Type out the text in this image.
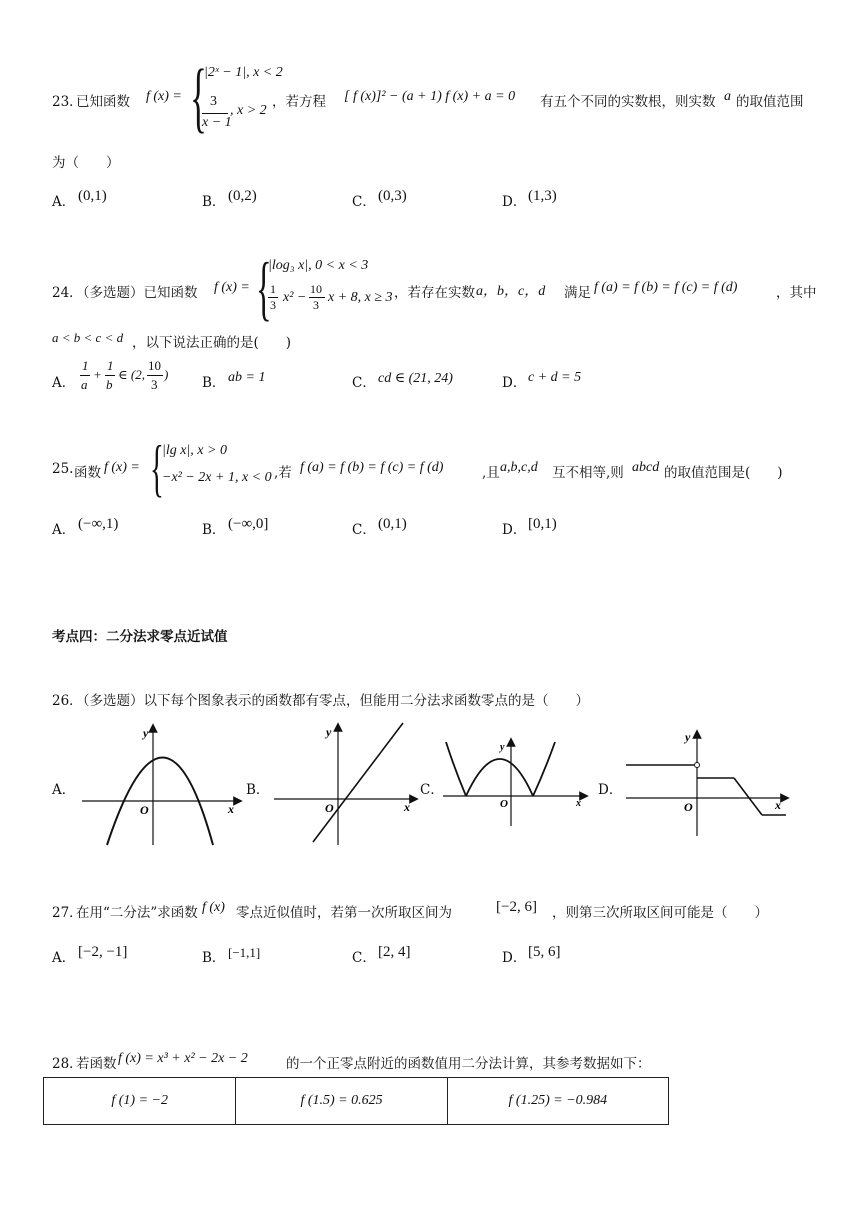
23．
已知函数 f (x) = {
|2ˣ − 1|, x < 2
3
x − 1
, x > 2
，若方程 [ f (x)]² − (a + 1) f (x) + a = 0 有五个不同的实数根，则实数 a 的取值范围
为（　　）
A． (0,1)	B． (0,2)	C． (0,3)	D． (1,3)
24．
（多选题）已知函数 f (x) = {
|log₃ x|, 0 < x < 3
1
3 x² −
10
3 x + 8, x ≥ 3 ，若存在实数 a，b，c，d 满足 f (a) = f (b) = f (c) = f (d)	，其中
a < b < c < d ，以下说法正确的是(　　)
A．
1
a
+
1
b
∈ (2,
10
3
)
B． ab = 1	C． cd ∈ (21, 24)	D． c + d = 5
25. 函数 f (x) = {
|lg x|, x > 0
−x² − 2x + 1, x < 0 ,若 f (a) = f (b) = f (c) = f (d)	,且 a,b,c,d 互不相等,则 abcd 的取值范围是(　　)
A． (−∞,1)	B． (−∞,0]	C． (0,1)	D． [0,1)
考点四：二分法求零点近试值
26．
（多选题）以下每个图象表示的函数都有零点，但能用二分法求函数零点的是（　　）
A．	B．	C．	D．
y
x
O
y
x
O
y
x
O
y
x
O
27．
在用“二分法”求函数 f (x) 零点近似值时，若第一次所取区间为	[−2, 6] ，则第三次所取区间可能是（　　）
A． [−2, −1]	B． [−1,1]	C． [2, 4]	D． [5, 6]
28．
若函数 f (x) = x³ + x² − 2x − 2	的一个正零点附近的函数值用二分法计算，其参考数据如下：
f (1) = −2	f (1.5) = 0.625	f (1.25) = −0.984
